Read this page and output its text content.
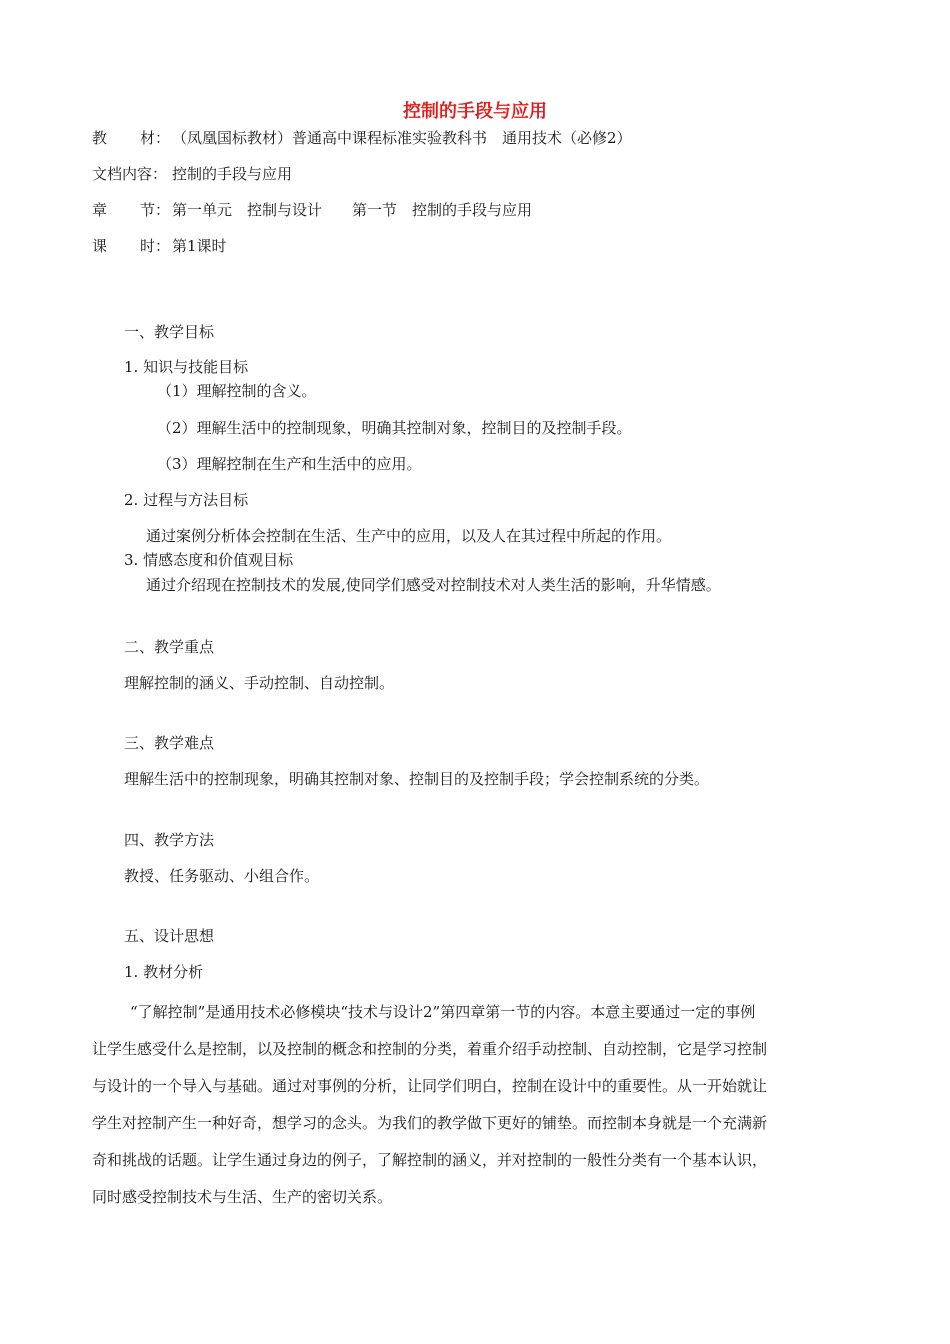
控制的手段与应用
教 材： （凤凰国标教材）普通高中课程标准实验教科书　通用技术（必修2）
文档内容： 控制的手段与应用
章 节： 第一单元　控制与设计　　第一节　控制的手段与应用
课 时： 第1课时
一、教学目标
1. 知识与技能目标
（1）理解控制的含义。
（2）理解生活中的控制现象，明确其控制对象，控制目的及控制手段。
（3）理解控制在生产和生活中的应用。
2. 过程与方法目标
通过案例分析体会控制在生活、生产中的应用，以及人在其过程中所起的作用。
3. 情感态度和价值观目标
通过介绍现在控制技术的发展,使同学们感受对控制技术对人类生活的影响，升华情感。
二、教学重点
理解控制的涵义、手动控制、自动控制。
三、教学难点
理解生活中的控制现象，明确其控制对象、控制目的及控制手段；学会控制系统的分类。
四、教学方法
教授、任务驱动、小组合作。
五、设计思想
1. 教材分析
“了解控制”是通用技术必修模块“技术与设计2”第四章第一节的内容。本意主要通过一定的事例
让学生感受什么是控制，以及控制的概念和控制的分类，着重介绍手动控制、自动控制，它是学习控制
与设计的一个导入与基础。通过对事例的分析，让同学们明白，控制在设计中的重要性。从一开始就让
学生对控制产生一种好奇，想学习的念头。为我们的教学做下更好的铺垫。而控制本身就是一个充满新
奇和挑战的话题。让学生通过身边的例子，了解控制的涵义，并对控制的一般性分类有一个基本认识，
同时感受控制技术与生活、生产的密切关系。
